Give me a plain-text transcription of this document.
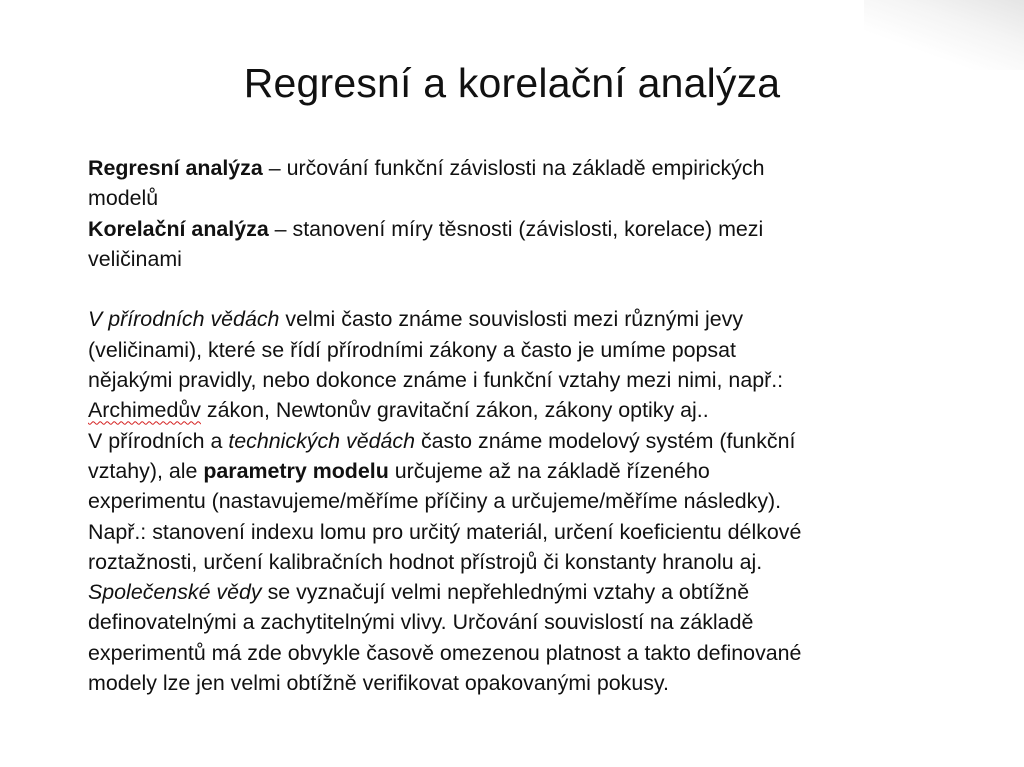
Regresní a korelační analýza
Regresní analýza – určování funkční závislosti na základě empirických
modelů
Korelační analýza – stanovení míry těsnosti (závislosti, korelace) mezi
veličinami
V přírodních vědách velmi často známe souvislosti mezi různými jevy
(veličinami), které se řídí přírodními zákony a často je umíme popsat
nějakými pravidly, nebo dokonce známe i funkční vztahy mezi nimi, např.:
Archimedův zákon, Newtonův gravitační zákon, zákony optiky aj..
V přírodních a technických vědách často známe modelový systém (funkční
vztahy), ale parametry modelu určujeme až na základě řízeného
experimentu (nastavujeme/měříme příčiny a určujeme/měříme následky).
Např.: stanovení indexu lomu pro určitý materiál, určení koeficientu délkové
roztažnosti, určení kalibračních hodnot přístrojů či konstanty hranolu aj.
Společenské vědy se vyznačují velmi nepřehlednými vztahy a obtížně
definovatelnými a zachytitelnými vlivy. Určování souvislostí na základě
experimentů má zde obvykle časově omezenou platnost a takto definované
modely lze jen velmi obtížně verifikovat opakovanými pokusy.
